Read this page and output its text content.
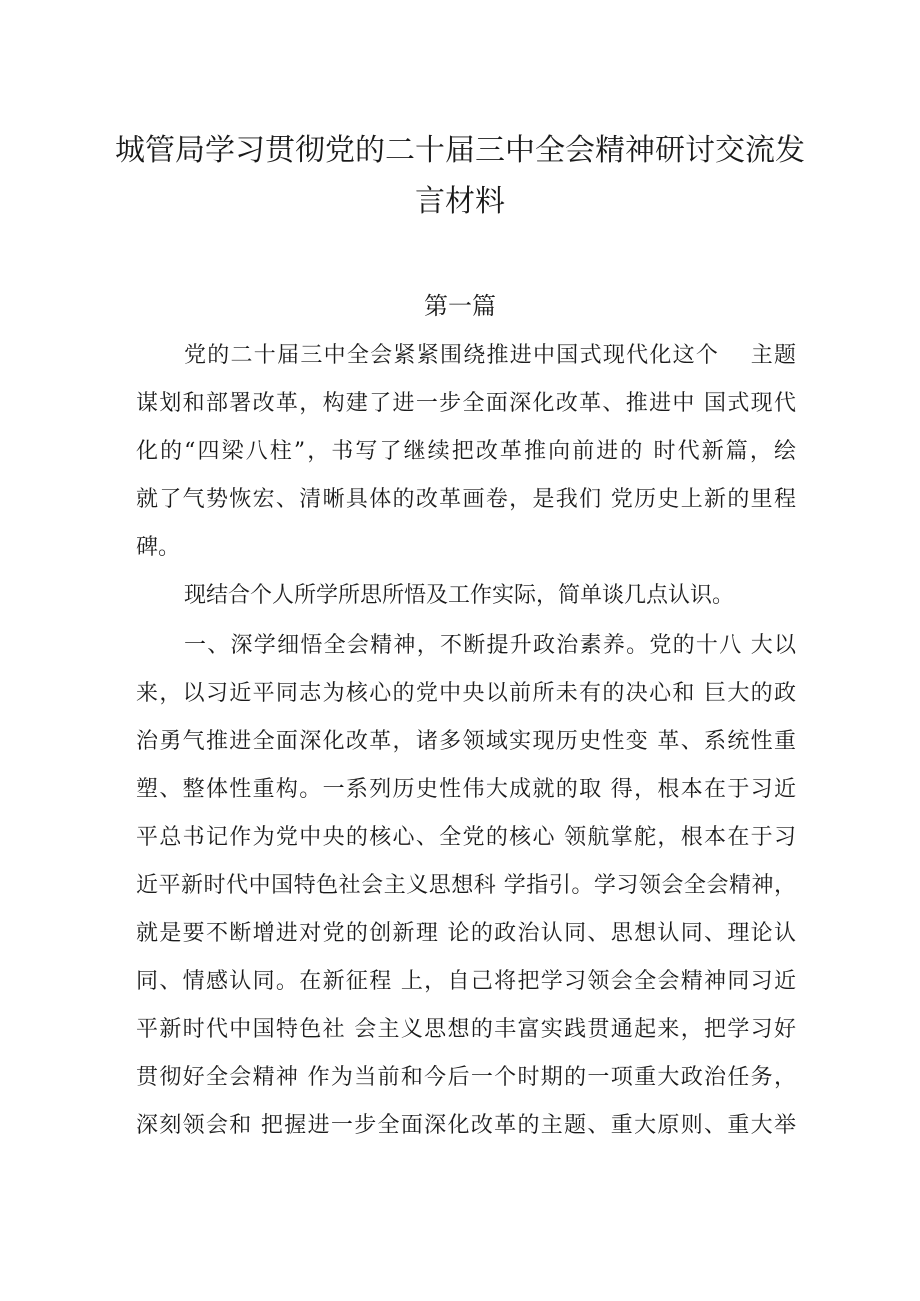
城管局学习贯彻党的二十届三中全会精神研讨交流发
言材料
第一篇
党的二十届三中全会紧紧围绕推进中国式现代化这个　 主题
谋划和部署改革，构建了进一步全面深化改革、推进中 国式现代
化的“四梁八柱”，书写了继续把改革推向前进的 时代新篇，绘
就了气势恢宏、清晰具体的改革画卷，是我们 党历史上新的里程
碑。
现结合个人所学所思所悟及工作实际，简单谈几点认识。
一、深学细悟全会精神，不断提升政治素养。党的十八 大以
来，以习近平同志为核心的党中央以前所未有的决心和 巨大的政
治勇气推进全面深化改革，诸多领域实现历史性变 革、系统性重
塑、整体性重构。一系列历史性伟大成就的取 得，根本在于习近
平总书记作为党中央的核心、全党的核心 领航掌舵，根本在于习
近平新时代中国特色社会主义思想科 学指引。学习领会全会精神，
就是要不断增进对党的创新理 论的政治认同、思想认同、理论认
同、情感认同。在新征程 上，自己将把学习领会全会精神同习近
平新时代中国特色社 会主义思想的丰富实践贯通起来，把学习好
贯彻好全会精神 作为当前和今后一个时期的一项重大政治任务，
深刻领会和 把握进一步全面深化改革的主题、重大原则、重大举
